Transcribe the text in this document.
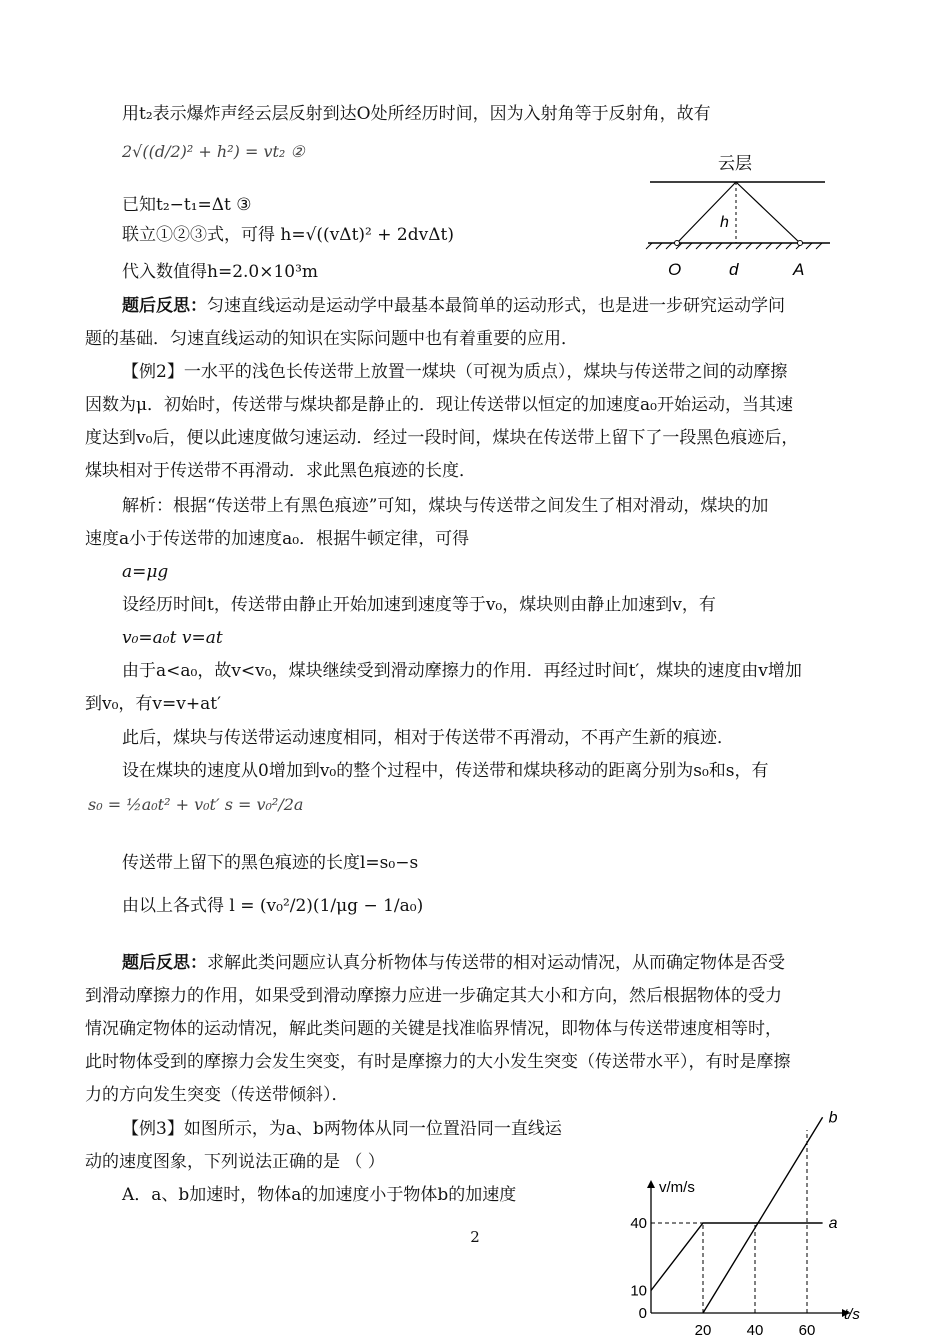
用t₂表示爆炸声经云层反射到达O处所经历时间，因为入射角等于反射角，故有
2√((d/2)² + h²) = vt₂ ②
已知t₂−t₁=Δt ③
联立①②③式，可得 h=√((vΔt)² + 2dvΔt)
代入数值得h=2.0×10³m
云层
h
O	d	A
题后反思：匀速直线运动是运动学中最基本最简单的运动形式，也是进一步研究运动学问
题的基础．匀速直线运动的知识在实际问题中也有着重要的应用．
【例2】一水平的浅色长传送带上放置一煤块（可视为质点），煤块与传送带之间的动摩擦
因数为μ．初始时，传送带与煤块都是静止的．现让传送带以恒定的加速度a₀开始运动，当其速
度达到v₀后，便以此速度做匀速运动．经过一段时间，煤块在传送带上留下了一段黑色痕迹后，
煤块相对于传送带不再滑动．求此黑色痕迹的长度．
解析：根据“传送带上有黑色痕迹”可知，煤块与传送带之间发生了相对滑动，煤块的加
速度a小于传送带的加速度a₀．根据牛顿定律，可得
a=μg
设经历时间t，传送带由静止开始加速到速度等于v₀，煤块则由静止加速到v，有
v₀=a₀t v=at
由于a<a₀，故v<v₀，煤块继续受到滑动摩擦力的作用．再经过时间t′，煤块的速度由v增加
到v₀，有v=v+at′
此后，煤块与传送带运动速度相同，相对于传送带不再滑动，不再产生新的痕迹．
设在煤块的速度从0增加到v₀的整个过程中，传送带和煤块移动的距离分别为s₀和s，有
s₀ = ½a₀t² + v₀t′ s = v₀²/2a
传送带上留下的黑色痕迹的长度l=s₀−s
由以上各式得 l = (v₀²/2)(1/μg − 1/a₀)
题后反思：求解此类问题应认真分析物体与传送带的相对运动情况，从而确定物体是否受
到滑动摩擦力的作用，如果受到滑动摩擦力应进一步确定其大小和方向，然后根据物体的受力
情况确定物体的运动情况，解此类问题的关键是找准临界情况，即物体与传送带速度相等时，
此时物体受到的摩擦力会发生突变，有时是摩擦力的大小发生突变（传送带水平），有时是摩擦
力的方向发生突变（传送带倾斜）．
【例3】如图所示，为a、b两物体从同一位置沿同一直线运
动的速度图象，下列说法正确的是 （ ）
A．a、b加速时，物体a的加速度小于物体b的加速度	v/m/s
t/s
a
b
40
10
0
20 40 60
2
